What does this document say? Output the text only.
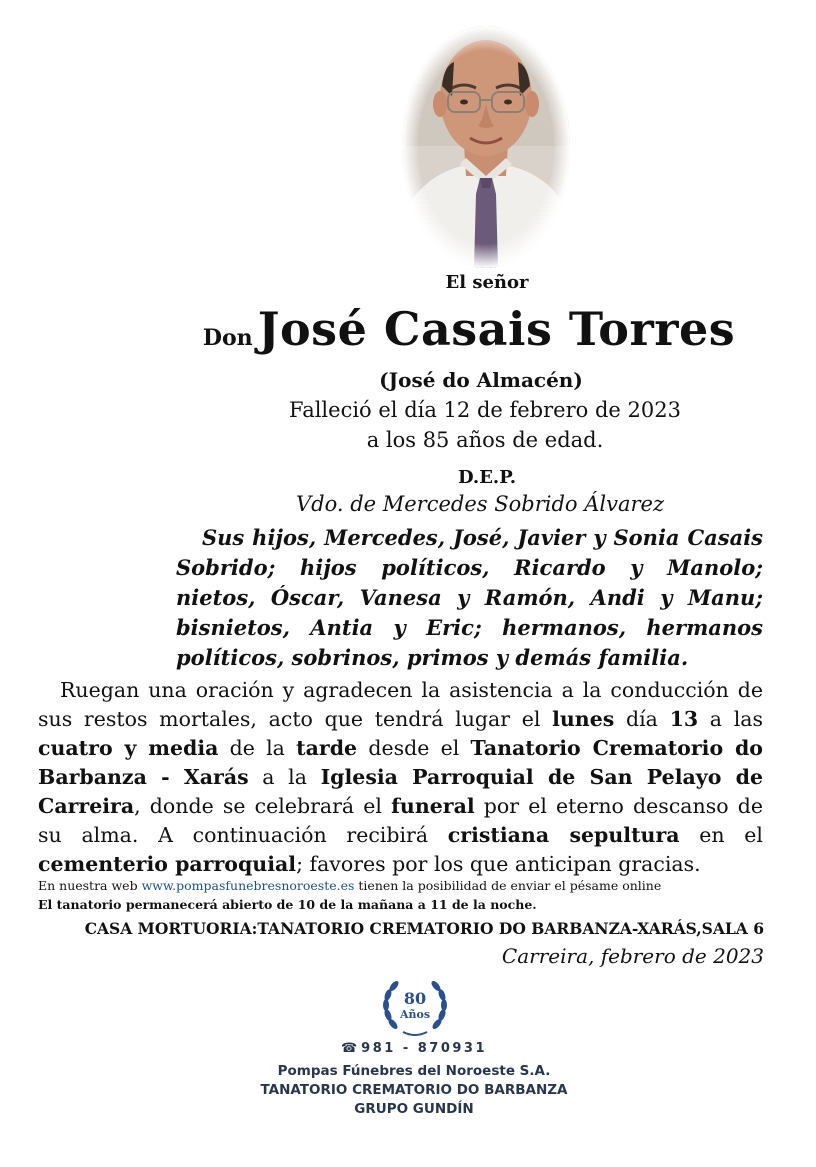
El señor
Don José Casais Torres
(José do Almacén)
Falleció el día 12 de febrero de 2023
a los 85 años de edad.
D.E.P.
Vdo. de Mercedes Sobrido Álvarez

Sus hijos, Mercedes, José, Javier y Sonia Casais Sobrido; hijos políticos, Ricardo y Manolo; nietos, Óscar, Vanesa y Ramón, Andi y Manu; bisnietos, Antia y Eric; hermanos, hermanos políticos, sobrinos, primos y demás familia.

Ruegan una oración y agradecen la asistencia a la conducción de sus restos mortales, acto que tendrá lugar el lunes día 13 a las cuatro y media de la tarde desde el Tanatorio Crematorio do Barbanza - Xarás a la Iglesia Parroquial de San Pelayo de Carreira, donde se celebrará el funeral por el eterno descanso de su alma. A continuación recibirá cristiana sepultura en el cementerio parroquial; favores por los que anticipan gracias.

En nuestra web www.pompasfunebresnoroeste.es tienen la posibilidad de enviar el pésame online
El tanatorio permanecerá abierto de 10 de la mañana a 11 de la noche.
CASA MORTUORIA:TANATORIO CREMATORIO DO BARBANZA-XARÁS,SALA 6
Carreira, febrero de 2023
80
Años
☎ 981 - 870931
Pompas Fúnebres del Noroeste S.A.
TANATORIO CREMATORIO DO BARBANZA
GRUPO GUNDÍN
